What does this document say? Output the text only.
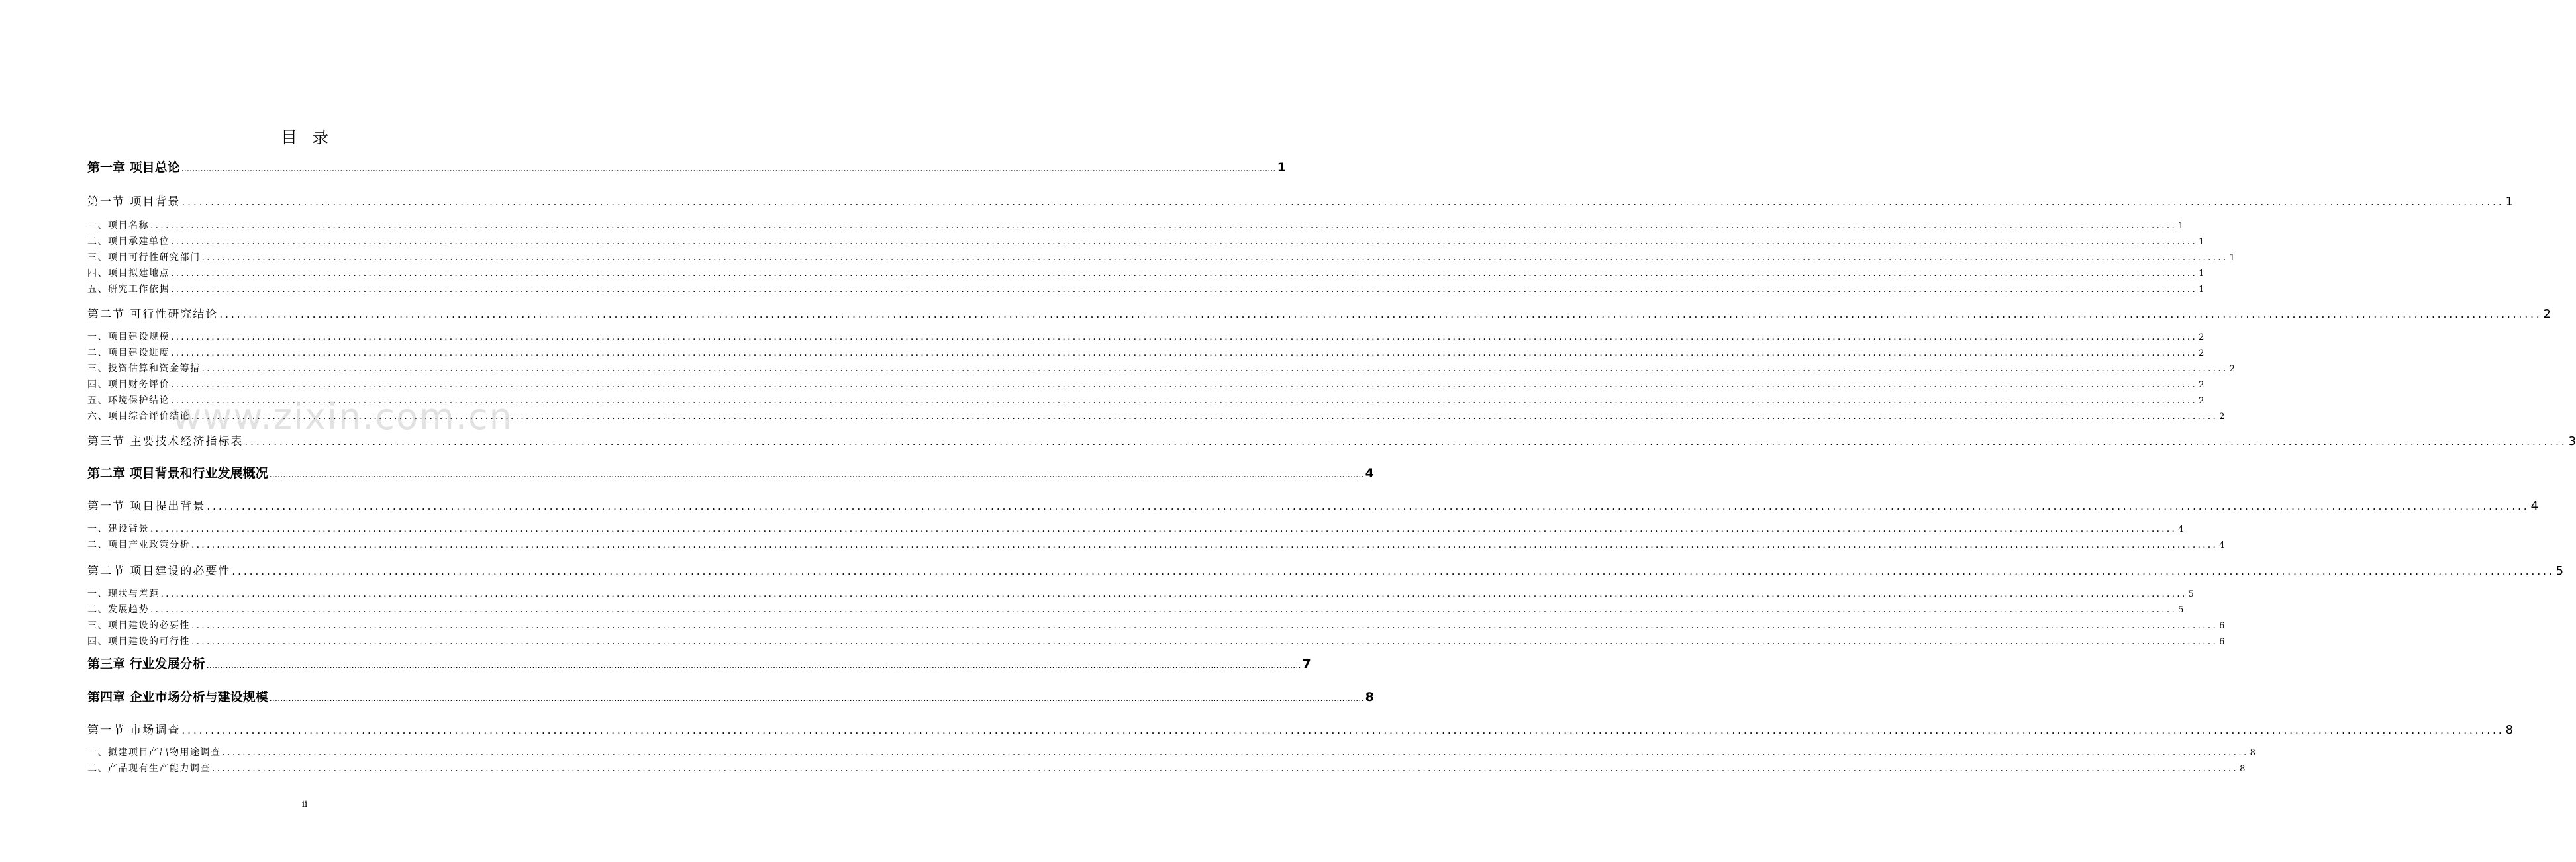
目录
第一章 项目总论 ................................................................................................................................................................................................................................................................................................................................................................................................................ 1
第一节 项目背景 ................................................................................................................................................................................................................................................................................................................................................................................................................ 1
一、项目名称 ................................................................................................................................................................................................................................................................................................................................................................................................................ 1
二、项目承建单位 ................................................................................................................................................................................................................................................................................................................................................................................................................ 1
三、项目可行性研究部门 ................................................................................................................................................................................................................................................................................................................................................................................................................ 1
四、项目拟建地点 ................................................................................................................................................................................................................................................................................................................................................................................................................ 1
五、研究工作依据 ................................................................................................................................................................................................................................................................................................................................................................................................................ 1
第二节 可行性研究结论 ................................................................................................................................................................................................................................................................................................................................................................................................................ 2
一、项目建设规模 ................................................................................................................................................................................................................................................................................................................................................................................................................ 2
二、项目建设进度 ................................................................................................................................................................................................................................................................................................................................................................................................................ 2
三、投资估算和资金筹措 ................................................................................................................................................................................................................................................................................................................................................................................................................ 2
四、项目财务评价 ................................................................................................................................................................................................................................................................................................................................................................................................................ 2
五、环境保护结论 ................................................................................................................................................................................................................................................................................................................................................................................................................ 2
六、项目综合评价结论 ................................................................................................................................................................................................................................................................................................................................................................................................................ 2
第三节 主要技术经济指标表 ................................................................................................................................................................................................................................................................................................................................................................................................................ 3
第二章 项目背景和行业发展概况 ................................................................................................................................................................................................................................................................................................................................................................................................................ 4
第一节 项目提出背景 ................................................................................................................................................................................................................................................................................................................................................................................................................ 4
一、建设背景 ................................................................................................................................................................................................................................................................................................................................................................................................................ 4
二、项目产业政策分析 ................................................................................................................................................................................................................................................................................................................................................................................................................ 4
第二节 项目建设的必要性 ................................................................................................................................................................................................................................................................................................................................................................................................................ 5
一、现状与差距 ................................................................................................................................................................................................................................................................................................................................................................................................................ 5
二、发展趋势 ................................................................................................................................................................................................................................................................................................................................................................................................................ 5
三、项目建设的必要性 ................................................................................................................................................................................................................................................................................................................................................................................................................ 6
四、项目建设的可行性 ................................................................................................................................................................................................................................................................................................................................................................................................................ 6
第三章 行业发展分析 ................................................................................................................................................................................................................................................................................................................................................................................................................ 7
第四章 企业市场分析与建设规模 ................................................................................................................................................................................................................................................................................................................................................................................................................ 8
第一节 市场调查 ................................................................................................................................................................................................................................................................................................................................................................................................................ 8
一、拟建项目产出物用途调查 ................................................................................................................................................................................................................................................................................................................................................................................................................ 8
二、产品现有生产能力调查 ................................................................................................................................................................................................................................................................................................................................................................................................................ 8
www.zixin.com.cn
ii
